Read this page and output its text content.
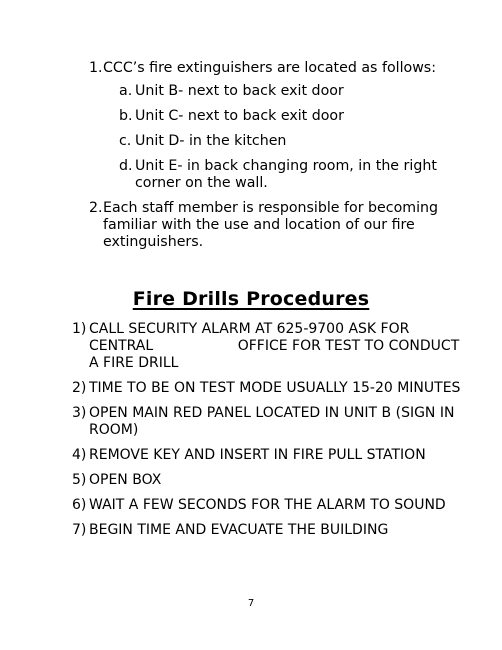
1. CCC’s fire extinguishers are located as follows:
a. Unit B- next to back exit door
b. Unit C- next to back exit door
c. Unit D- in the kitchen
d. Unit E- in back changing room, in the right corner on the wall.
2. Each staff member is responsible for becoming familiar with the use and location of our fire extinguishers.
Fire Drills Procedures
1) CALL SECURITY ALARM AT 625-9700 ASK FOR CENTRAL                   OFFICE FOR TEST TO CONDUCT A FIRE DRILL
2) TIME TO BE ON TEST MODE USUALLY 15-20 MINUTES
3) OPEN MAIN RED PANEL LOCATED IN UNIT B (SIGN IN ROOM)
4) REMOVE KEY AND INSERT IN FIRE PULL STATION
5) OPEN BOX
6) WAIT A FEW SECONDS FOR THE ALARM TO SOUND
7) BEGIN TIME AND EVACUATE THE BUILDING
7
